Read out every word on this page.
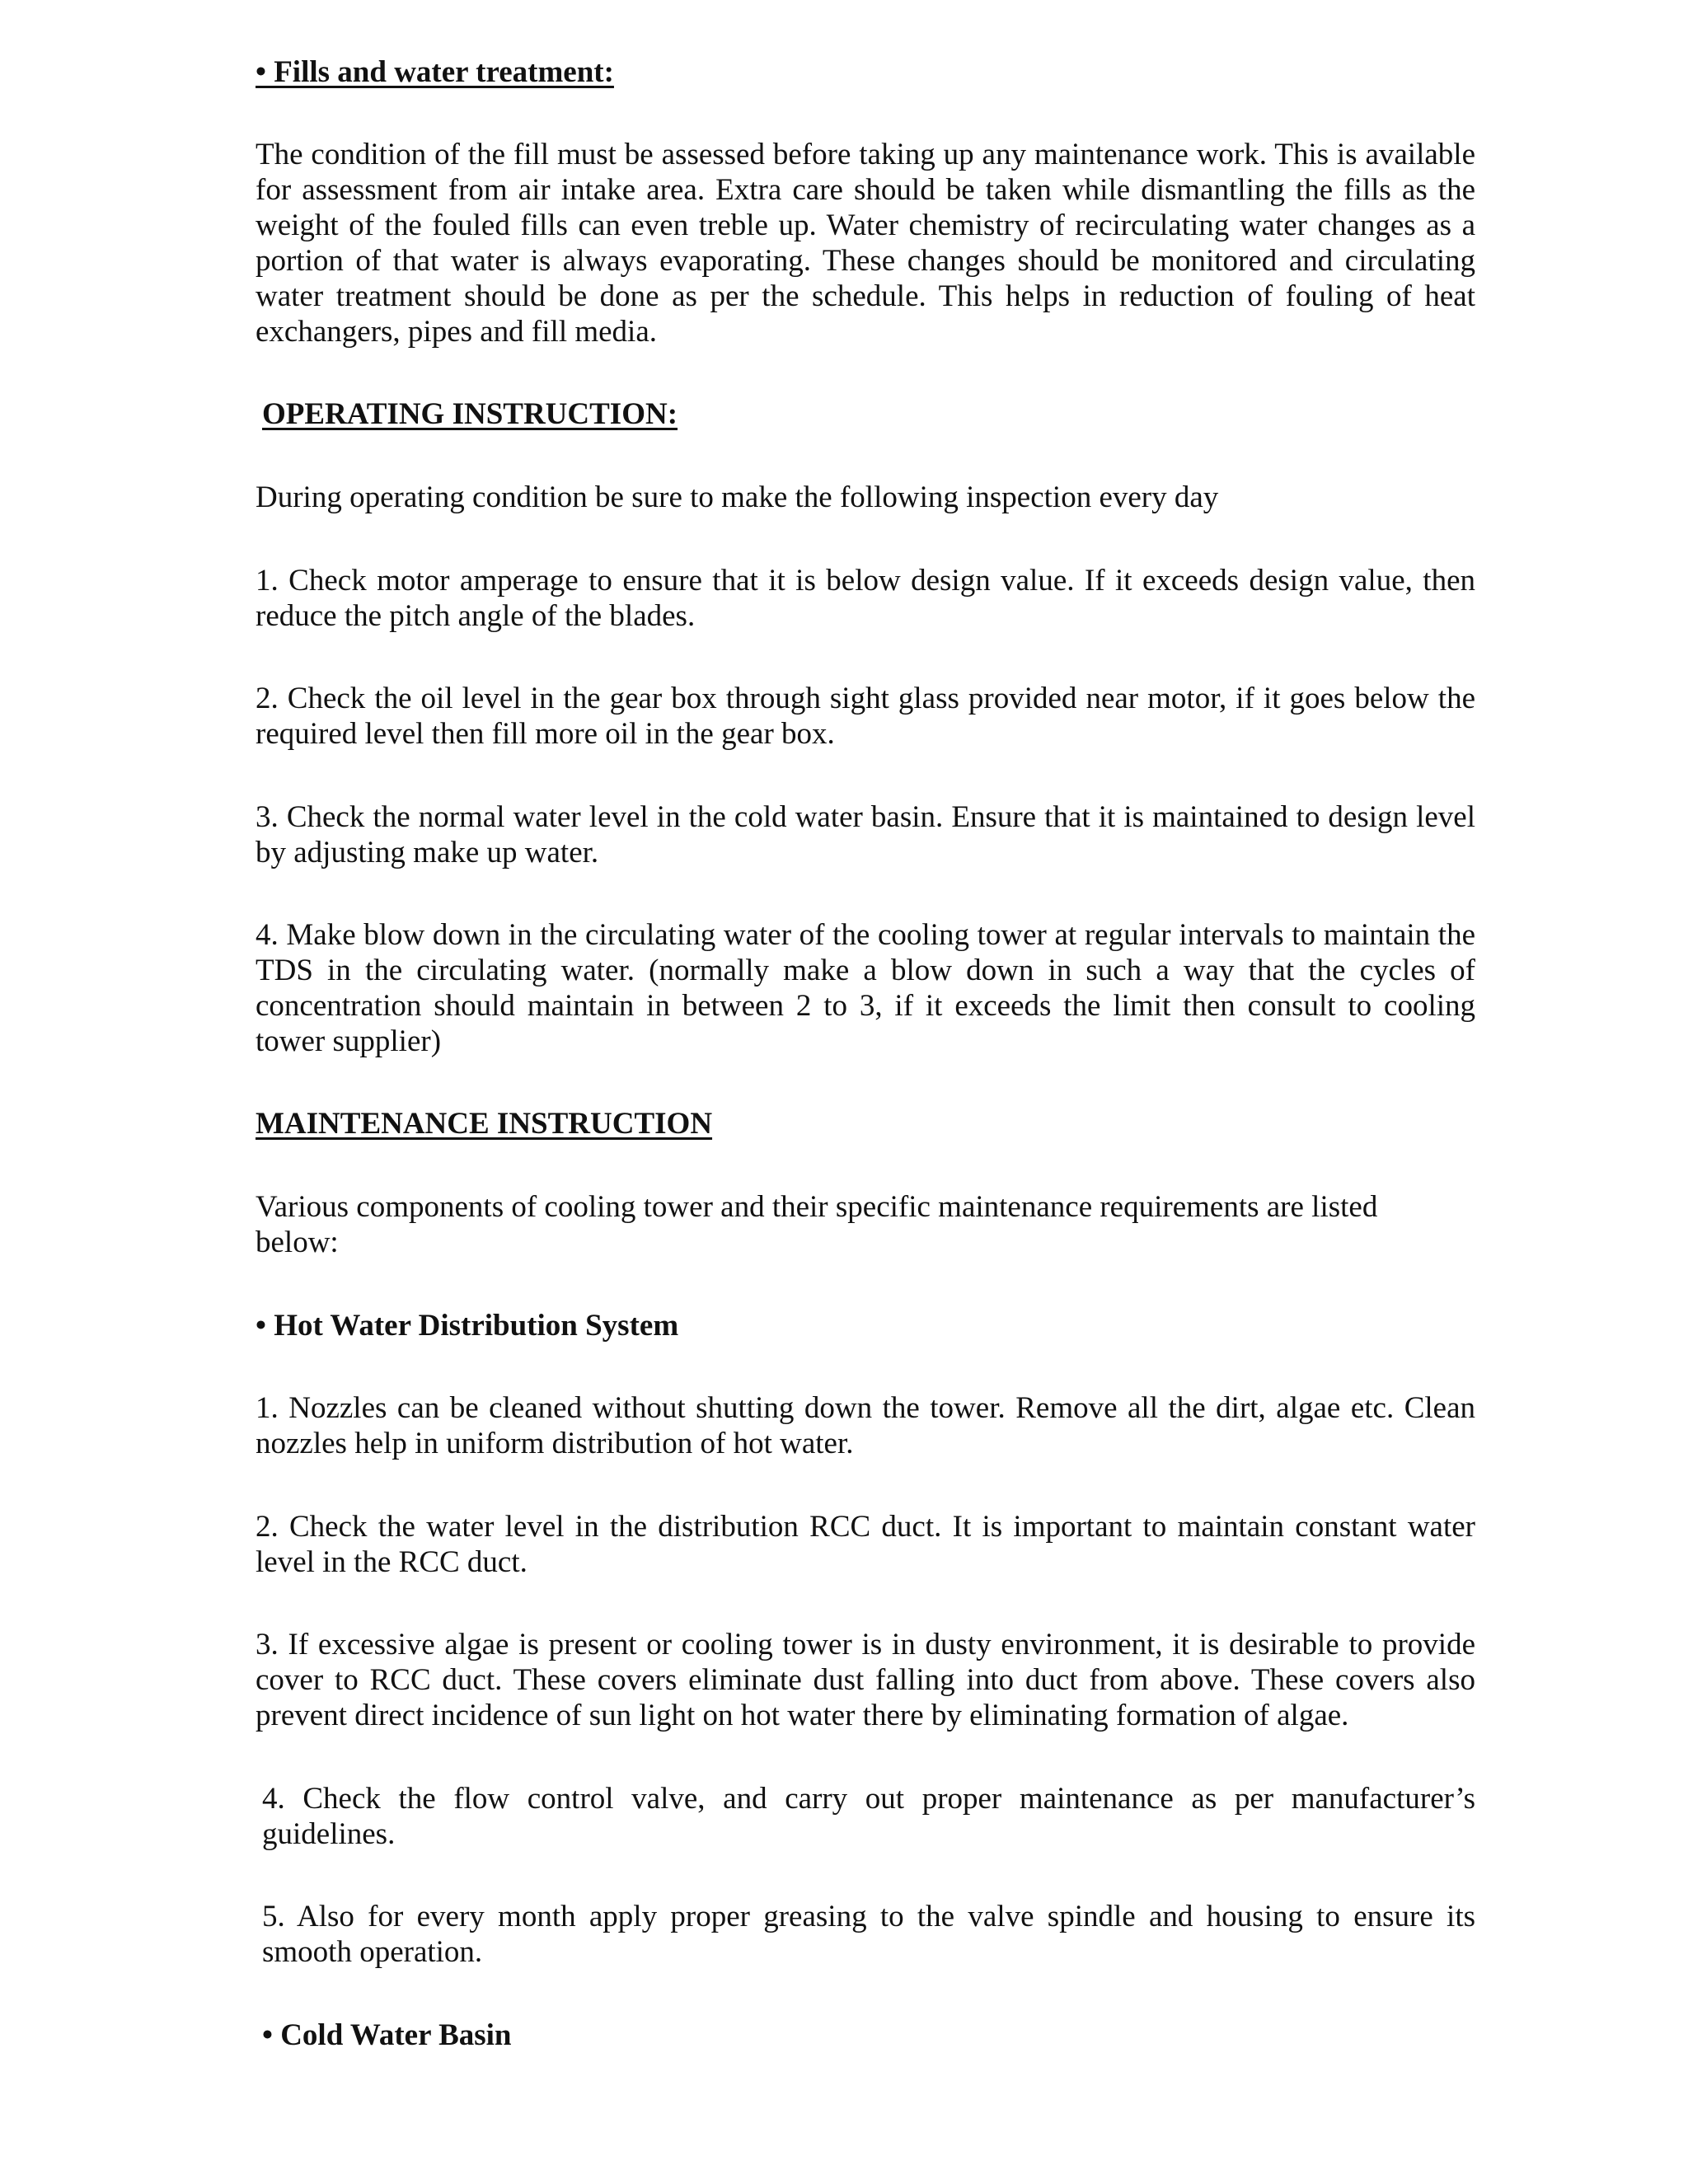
• Fills and water treatment:

The condition of the fill must be assessed before taking up any maintenance work. This is available for assessment from air intake area. Extra care should be taken while dismantling the fills as the weight of the fouled fills can even treble up. Water chemistry of recirculating water changes as a portion of that water is always evaporating. These changes should be monitored and circulating water treatment should be done as per the schedule. This helps in reduction of fouling of heat exchangers, pipes and fill media.

OPERATING INSTRUCTION:

During operating condition be sure to make the following inspection every day

1. Check motor amperage to ensure that it is below design value. If it exceeds design value, then reduce the pitch angle of the blades.

2. Check the oil level in the gear box through sight glass provided near motor, if it goes below the required level then fill more oil in the gear box.

3. Check the normal water level in the cold water basin. Ensure that it is maintained to design level by adjusting make up water.

4. Make blow down in the circulating water of the cooling tower at regular intervals to maintain the TDS in the circulating water. (normally make a blow down in such a way that the cycles of concentration should maintain in between 2 to 3, if it exceeds the limit then consult to cooling tower supplier)

MAINTENANCE INSTRUCTION

Various components of cooling tower and their specific maintenance requirements are listed below:

• Hot Water Distribution System

1. Nozzles can be cleaned without shutting down the tower. Remove all the dirt, algae etc. Clean nozzles help in uniform distribution of hot water.

2. Check the water level in the distribution RCC duct. It is important to maintain constant water level in the RCC duct.

3. If excessive algae is present or cooling tower is in dusty environment, it is desirable to provide cover to RCC duct. These covers eliminate dust falling into duct from above. These covers also prevent direct incidence of sun light on hot water there by eliminating formation of algae.

4. Check the flow control valve, and carry out proper maintenance as per manufacturer’s guidelines.

5. Also for every month apply proper greasing to the valve spindle and housing to ensure its smooth operation.

• Cold Water Basin
